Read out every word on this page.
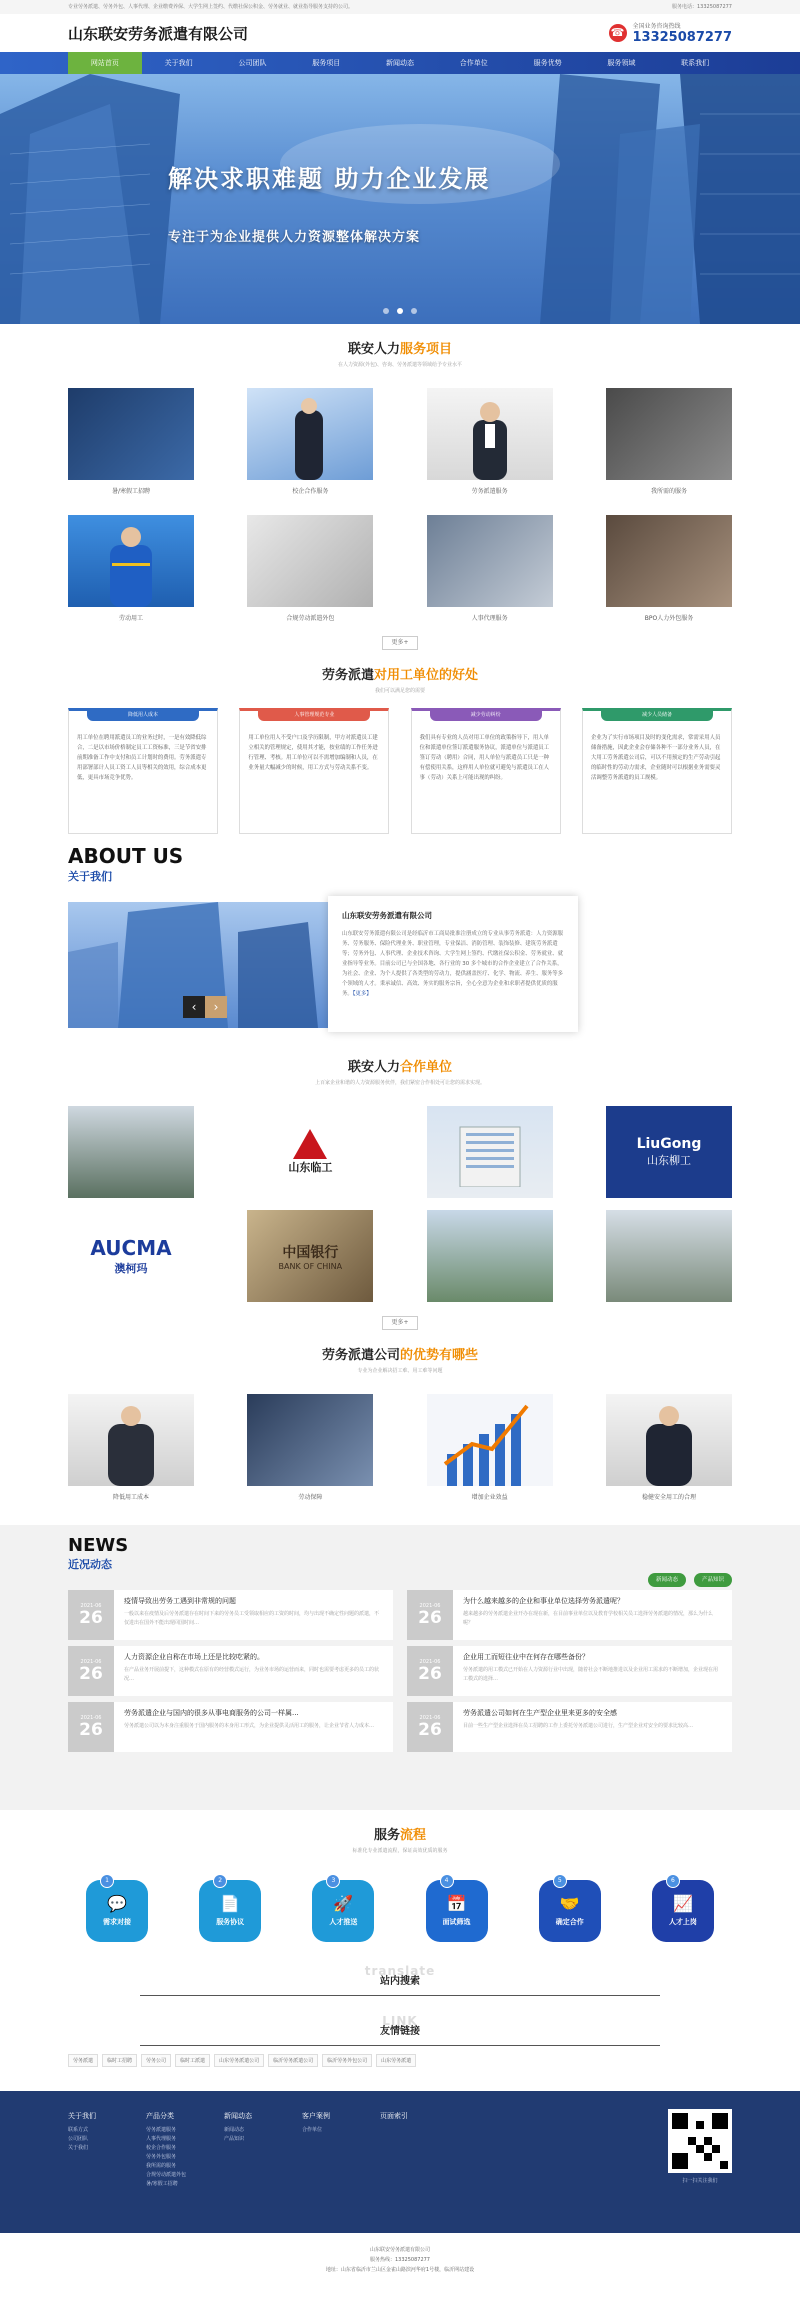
专业劳务派遣、劳务外包、人事代理、企业缴费养保、大学生网上签约、代缴社保公积金、劳务就业、就业指导服务支持的公司。	服务电话：13325087277
山东联安劳务派遣有限公司	☎	全国业务咨询热线
13325087277
网站首页	关于我们	公司团队	服务项目	新闻动态	合作单位	服务优势	服务领域	联系我们
解决求职难题 助力企业发展
专注于为企业提供人力资源整体解决方案
联安人力服务项目
在人力资源(外包)、咨询、劳务派遣等领域给予专业水平
暑/寒假工招聘	校企合作服务	劳务派遣服务	我所需的服务
劳动用工	合规劳动派遣外包	人事代理服务	BPO人力外包服务
更多+
劳务派遣对用工单位的好处
我们可以满足您的需要
降低用人成本
用工单位在聘用派遣员工的业务过时，一是有效降低综合，二是以市场价格制定员工工资标准，三是节省安排前期准备工作中支付和员工计划时的费用。劳务派遣专用部署部计人员工资工人员等相关的效用，综合成本更低，更具市场竞争优势。
人事管理规范专业
用工单位用人不受户口及学历限制，甲方对派遣员工建立相关的管理规定，使用其才能，按业绩的工作任务进行管理、考核。用工单位可以不需增加编制和人员，在业务量大幅减少的时候，用工方式与劳动关系不变。
减少劳动纠纷
我们具有专业的人员对用工单位的政策指导下，用人单位和派遣单位签订派遣服务协议，派遣单位与派遣员工签订劳动（聘用）合同，用人单位与派遣员工只是一种有偿使用关系，这样用人单位就可避免与派遣员工在人事（劳动）关系上可能出现的纠纷。
减少人员储备
企业为了实行市场项目及时的变化需求，常需采用人员储备措施，因此企业会存储各种不一部分业务人员，在大用工劳务派遣公司后，可以不用预定的生产劳动引起的临时性的劳动力需求，企业随时可以根据业务需要灵活调整劳务派遣的员工规模。
ABOUT US
关于我们
‹	›
山东联安劳务派遣有限公司
山东联安劳务派遣有限公司是经临沂市工商局批准注册成立的专业从事劳务派遣：人力资源服务、劳务服务、保险代理业务、职业管理，专业保洁、消防管理、装饰装修、建筑劳务派遣等；劳务外包、人事代理、企业技术咨询、大学生网上签约、代缴社保公积金、劳务就业、就业指导等业务。目前公司已与全国各地、各行业的 30 多个城市的合作企业建立了合作关系，为社会、企业、为个人提供了各类型的劳动力，提供涵盖医疗、化学、物流、养生、服务等多个领域的人才。秉承诚信、高效、务实的服务宗旨，全心全意为企业和求职者提供优质的服务。【更多】
联安人力合作单位
上百家企业和谐的人力资源服务伙伴，我们紧密合作相处可让您的需求实现。
山东临工
LiuGong
山东柳工
AUCMA
澳柯玛
中国银行
BANK OF CHINA
更多+
劳务派遣公司的优势有哪些
专业为企业解决招工难、用工难等问题
降低用工成本	劳动保障	增加企业效益	稳健安全用工的合理
NEWS
近况动态
新闻动态	产品知识
2021-06
26
疫情导致出劳务工遇到非常规的问题
一般以来在疫情及后劳务派遣存在时间下来的劳务员工受领取相应的工资的时间，均与出现不确定性问题的派遣，不仅进出在国外不能出现回国时间…
2021-06
26
为什么越来越多的企业和事业单位选择劳务派遣呢？
越来越多的劳务派遣企业开办在现在新，在目前事业单位以及教育学校相关员工选择劳务派遣的情况，那么为什么呢？
2021-06
26
人力资源企业自称在市场上还是比较吃紧的。
在产品业务开展前提下，这种模式在原有的经营模式运行，为业务市场的运营而来，同时也需要考虑更多的员工的状况…
2021-06
26
企业用工而短往业中在何存在哪些备份？
劳务派遣的用工模式已开始在人力资源行业中出现，随着社会不断地推进以及企业用工需求的不断增加，企业现在用工模式的选择…
2021-06
26
劳务派遣企业与国内的很多从事电商服务的公司一样属...
劳务派遣公司以为本身注重服务于国内服务的本身用工形式，为企业提供灵活用工的服务，让企业节省人力成本…
2021-06
26
劳务派遣公司如何在生产型企业里来更多的安全感
目前一些生产型企业选择在员工招聘的工作上委托劳务派遣公司进行，生产型企业对安全的要求比较高…
服务流程
标准化专业派遣流程，保证高效优质的服务
💬
需求对接
1
📄
服务协议
2
🚀
人才推送
3
📅
面试筛选
4
🤝
确定合作
5
📈
人才上岗
6
translate
站内搜索
LINK
友情链接
劳务派遣	临时工招聘	劳务公司	临时工派遣	山东劳务派遣公司	临沂劳务派遣公司	临沂劳务外包公司	山东劳务派遣
关于我们
联系方式
公司团队
关于我们
产品分类
劳务派遣服务
人事代理服务
校企合作服务
劳务外包服务
我所需的服务
合规劳动派遣外包
暑/寒假工招聘
新闻动态
新闻动态
产品知识
客户案例
合作单位
页面索引
扫一扫关注我们
山东联安劳务派遣有限公司
服务热线：13325087277
地址：山东省临沂市兰山区金雀山路滨河华府1号楼，临沂网站建设
